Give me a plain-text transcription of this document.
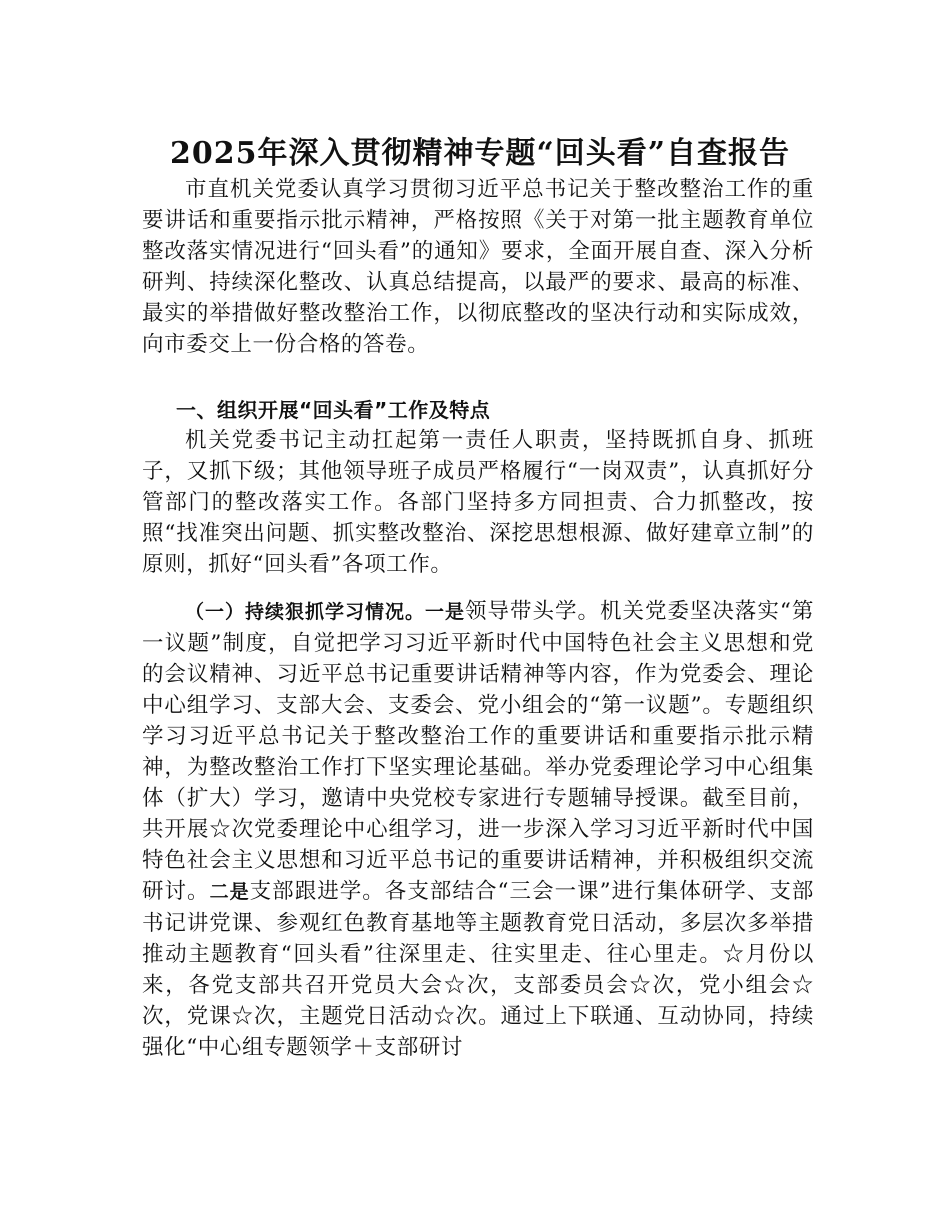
2025年深入贯彻精神专题“回头看”自查报告

市直机关党委认真学习贯彻习近平总书记关于整改整治工作的重要讲话和重要指示批示精神，严格按照《关于对第一批主题教育单位整改落实情况进行“回头看”的通知》要求，全面开展自查、深入分析研判、持续深化整改、认真总结提高，以最严的要求、最高的标准、最实的举措做好整改整治工作，以彻底整改的坚决行动和实际成效，向市委交上一份合格的答卷。

一、组织开展“回头看”工作及特点

机关党委书记主动扛起第一责任人职责，坚持既抓自身、抓班子，又抓下级；其他领导班子成员严格履行“一岗双责”，认真抓好分管部门的整改落实工作。各部门坚持多方同担责、合力抓整改，按照“找准突出问题、抓实整改整治、深挖思想根源、做好建章立制”的原则，抓好“回头看”各项工作。

（一）持续狠抓学习情况。一是领导带头学。机关党委坚决落实“第一议题”制度，自觉把学习习近平新时代中国特色社会主义思想和党的会议精神、习近平总书记重要讲话精神等内容，作为党委会、理论中心组学习、支部大会、支委会、党小组会的“第一议题”。专题组织学习习近平总书记关于整改整治工作的重要讲话和重要指示批示精神，为整改整治工作打下坚实理论基础。举办党委理论学习中心组集体（扩大）学习，邀请中央党校专家进行专题辅导授课。截至目前，共开展☆次党委理论中心组学习，进一步深入学习习近平新时代中国特色社会主义思想和习近平总书记的重要讲话精神，并积极组织交流研讨。二是支部跟进学。各支部结合“三会一课”进行集体研学、支部书记讲党课、参观红色教育基地等主题教育党日活动，多层次多举措推动主题教育“回头看”往深里走、往实里走、往心里走。☆月份以来，各党支部共召开党员大会☆次，支部委员会☆次，党小组会☆次，党课☆次，主题党日活动☆次。通过上下联通、互动协同，持续强化“中心组专题领学＋支部研讨
